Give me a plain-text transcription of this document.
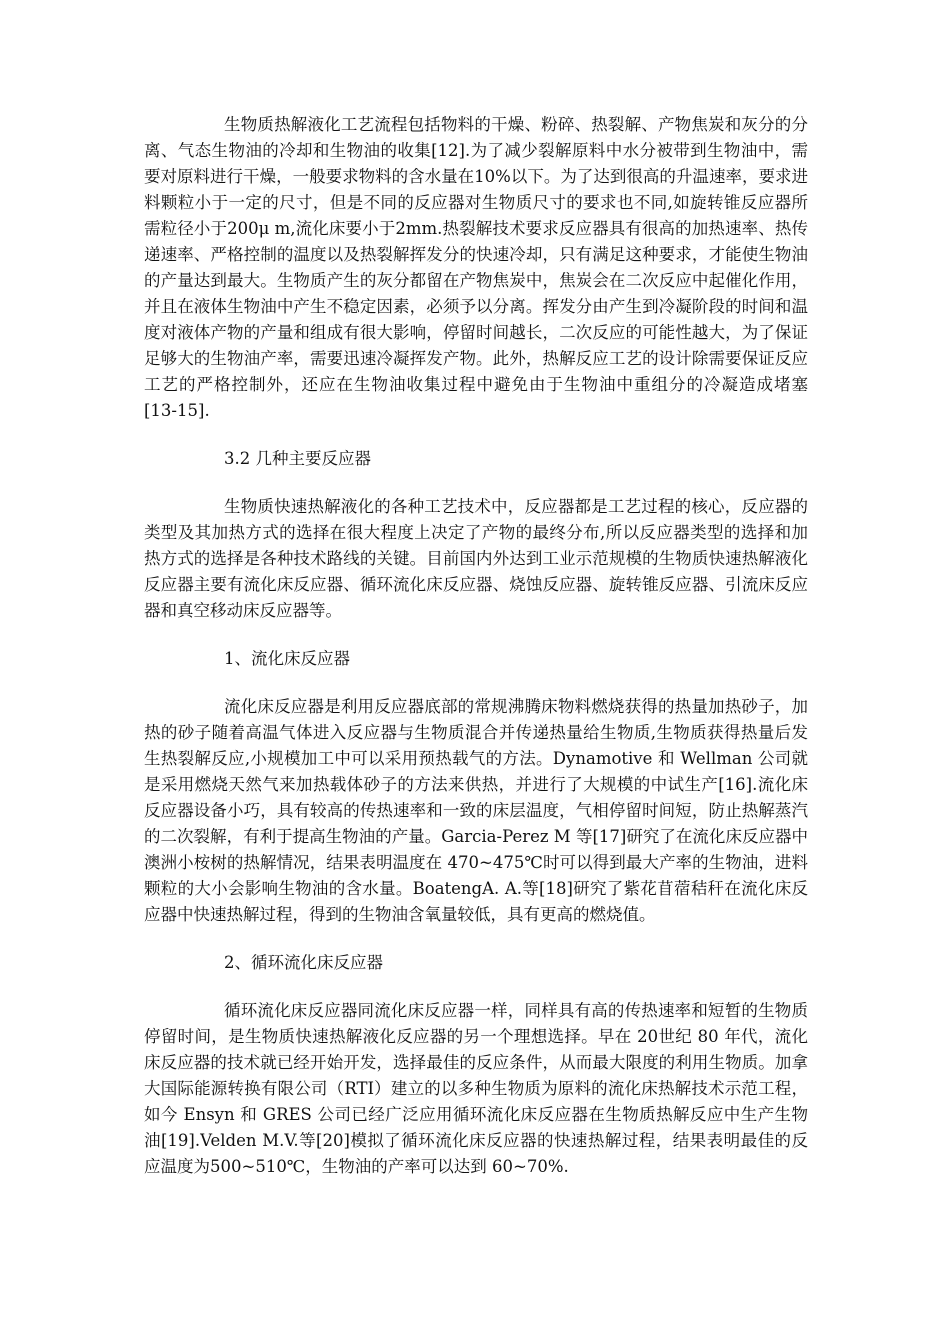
生物质热解液化工艺流程包括物料的干燥、粉碎、热裂解、产物焦炭和灰分的分离、气态生物油的冷却和生物油的收集[12].为了减少裂解原料中水分被带到生物油中，需要对原料进行干燥，一般要求物料的含水量在10%以下。为了达到很高的升温速率，要求进料颗粒小于一定的尺寸，但是不同的反应器对生物质尺寸的要求也不同,如旋转锥反应器所需粒径小于200μ m,流化床要小于2mm.热裂解技术要求反应器具有很高的加热速率、热传递速率、严格控制的温度以及热裂解挥发分的快速冷却，只有满足这种要求，才能使生物油的产量达到最大。生物质产生的灰分都留在产物焦炭中，焦炭会在二次反应中起催化作用，并且在液体生物油中产生不稳定因素，必须予以分离。挥发分由产生到冷凝阶段的时间和温度对液体产物的产量和组成有很大影响，停留时间越长，二次反应的可能性越大，为了保证足够大的生物油产率，需要迅速冷凝挥发产物。此外，热解反应工艺的设计除需要保证反应工艺的严格控制外，还应在生物油收集过程中避免由于生物油中重组分的冷凝造成堵塞 [13-15].

3.2 几种主要反应器

生物质快速热解液化的各种工艺技术中，反应器都是工艺过程的核心，反应器的类型及其加热方式的选择在很大程度上决定了产物的最终分布,所以反应器类型的选择和加热方式的选择是各种技术路线的关键。目前国内外达到工业示范规模的生物质快速热解液化反应器主要有流化床反应器、循环流化床反应器、烧蚀反应器、旋转锥反应器、引流床反应器和真空移动床反应器等。

1、流化床反应器

流化床反应器是利用反应器底部的常规沸腾床物料燃烧获得的热量加热砂子，加热的砂子随着高温气体进入反应器与生物质混合并传递热量给生物质,生物质获得热量后发生热裂解反应,小规模加工中可以采用预热载气的方法。Dynamotive 和 Wellman 公司就是采用燃烧天然气来加热载体砂子的方法来供热，并进行了大规模的中试生产[16].流化床反应器设备小巧，具有较高的传热速率和一致的床层温度，气相停留时间短，防止热解蒸汽的二次裂解，有利于提高生物油的产量。Garcia-Perez M 等[17]研究了在流化床反应器中澳洲小桉树的热解情况，结果表明温度在 470~475℃时可以得到最大产率的生物油，进料颗粒的大小会影响生物油的含水量。BoatengA. A.等[18]研究了紫花苜蓿秸秆在流化床反应器中快速热解过程，得到的生物油含氧量较低，具有更高的燃烧值。

2、循环流化床反应器

循环流化床反应器同流化床反应器一样，同样具有高的传热速率和短暂的生物质停留时间，是生物质快速热解液化反应器的另一个理想选择。早在 20世纪 80 年代，流化床反应器的技术就已经开始开发，选择最佳的反应条件，从而最大限度的利用生物质。加拿大国际能源转换有限公司（RTI）建立的以多种生物质为原料的流化床热解技术示范工程，如今 Ensyn 和 GRES 公司已经广泛应用循环流化床反应器在生物质热解反应中生产生物油[19].Velden M.V.等[20]模拟了循环流化床反应器的快速热解过程，结果表明最佳的反应温度为500~510℃，生物油的产率可以达到 60~70%.
